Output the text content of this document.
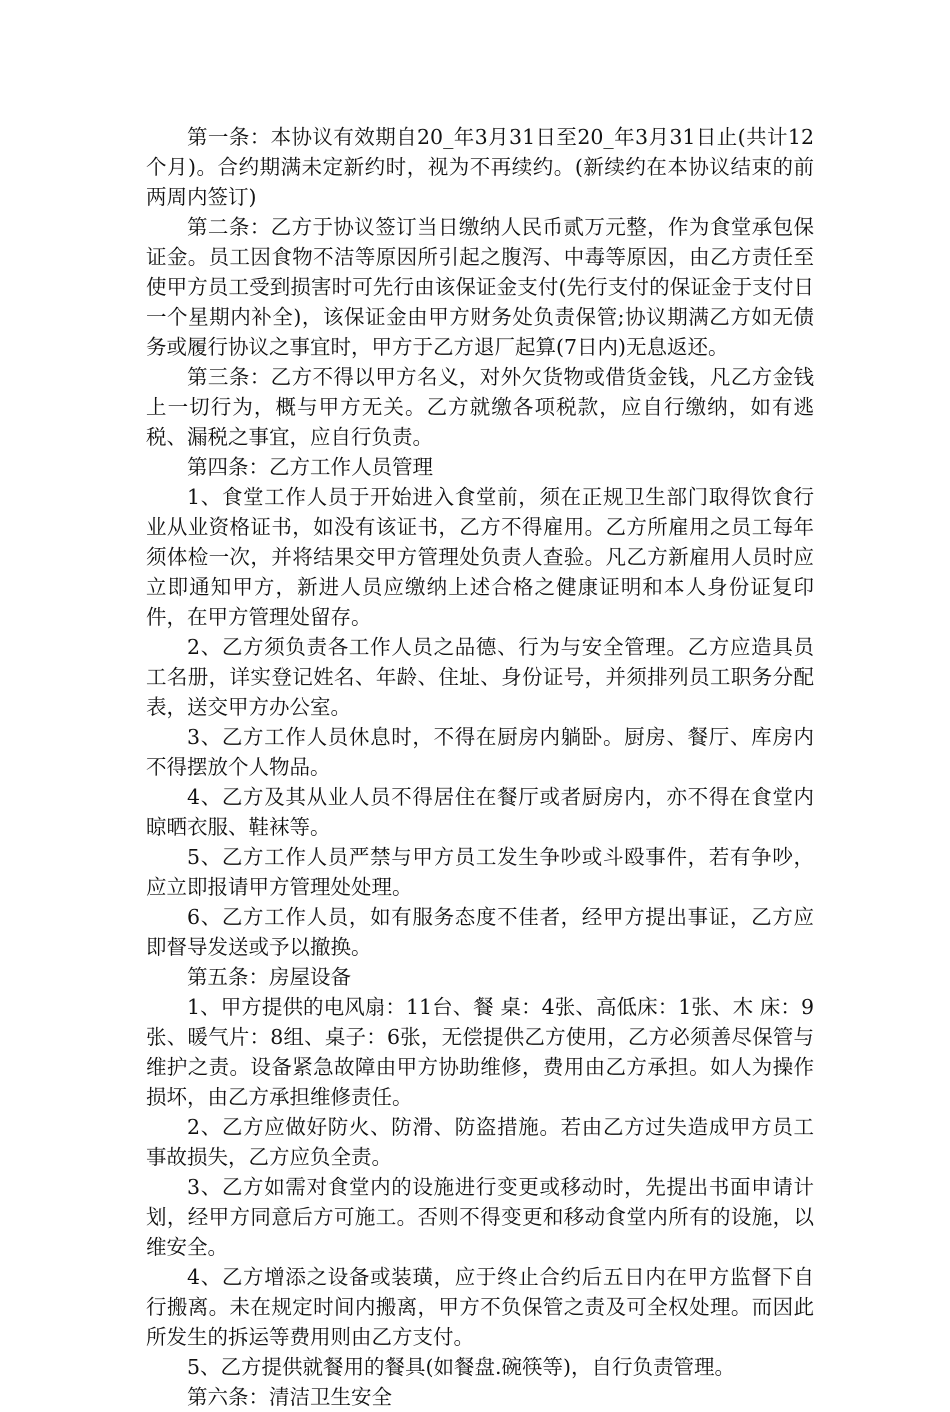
第一条：本协议有效期自20_年3月31日至20_年3月31日止(共计12个月)。合约期满未定新约时，视为不再续约。(新续约在本协议结束的前两周内签订)

第二条：乙方于协议签订当日缴纳人民币贰万元整，作为食堂承包保证金。员工因食物不洁等原因所引起之腹泻、中毒等原因，由乙方责任至使甲方员工受到损害时可先行由该保证金支付(先行支付的保证金于支付日一个星期内补全)，该保证金由甲方财务处负责保管;协议期满乙方如无债务或履行协议之事宜时，甲方于乙方退厂起算(7日内)无息返还。

第三条：乙方不得以甲方名义，对外欠货物或借货金钱，凡乙方金钱上一切行为，概与甲方无关。乙方就缴各项税款，应自行缴纳，如有逃税、漏税之事宜，应自行负责。

第四条：乙方工作人员管理

1、食堂工作人员于开始进入食堂前，须在正规卫生部门取得饮食行业从业资格证书，如没有该证书，乙方不得雇用。乙方所雇用之员工每年须体检一次，并将结果交甲方管理处负责人查验。凡乙方新雇用人员时应立即通知甲方，新进人员应缴纳上述合格之健康证明和本人身份证复印件，在甲方管理处留存。

2、乙方须负责各工作人员之品德、行为与安全管理。乙方应造具员工名册，详实登记姓名、年龄、住址、身份证号，并须排列员工职务分配表，送交甲方办公室。

3、乙方工作人员休息时，不得在厨房内躺卧。厨房、餐厅、库房内不得摆放个人物品。

4、乙方及其从业人员不得居住在餐厅或者厨房内，亦不得在食堂内晾晒衣服、鞋袜等。

5、乙方工作人员严禁与甲方员工发生争吵或斗殴事件，若有争吵，应立即报请甲方管理处处理。

6、乙方工作人员，如有服务态度不佳者，经甲方提出事证，乙方应即督导发送或予以撤换。

第五条：房屋设备

1、甲方提供的电风扇：11台、餐 桌：4张、高低床：1张、木 床：9张、暖气片：8组、桌子：6张，无偿提供乙方使用，乙方必须善尽保管与维护之责。设备紧急故障由甲方协助维修，费用由乙方承担。如人为操作损坏，由乙方承担维修责任。

2、乙方应做好防火、防滑、防盗措施。若由乙方过失造成甲方员工事故损失，乙方应负全责。

3、乙方如需对食堂内的设施进行变更或移动时，先提出书面申请计划，经甲方同意后方可施工。否则不得变更和移动食堂内所有的设施，以维安全。

4、乙方增添之设备或装璜，应于终止合约后五日内在甲方监督下自行搬离。未在规定时间内搬离，甲方不负保管之责及可全权处理。而因此所发生的拆运等费用则由乙方支付。

5、乙方提供就餐用的餐具(如餐盘.碗筷等)，自行负责管理。

第六条：清洁卫生安全
